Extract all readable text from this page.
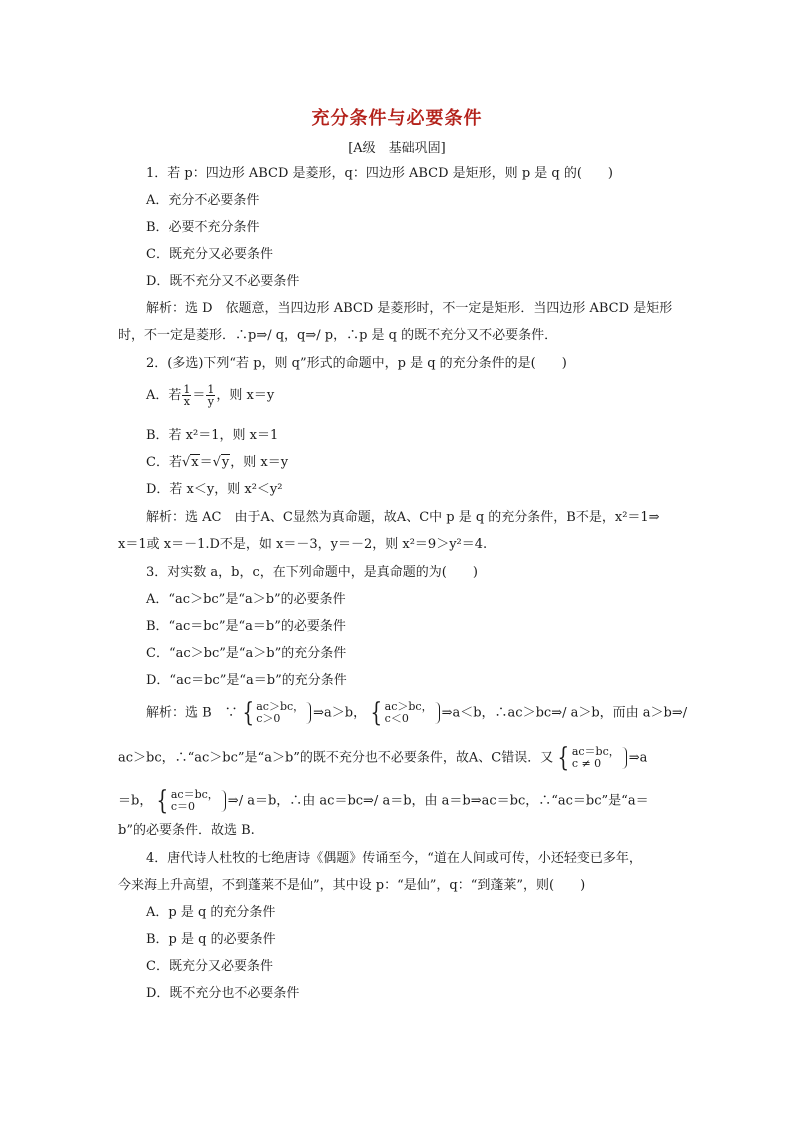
充分条件与必要条件
[A级　基础巩固]
1．若 p：四边形 ABCD 是菱形，q：四边形 ABCD 是矩形，则 p 是 q 的(　　)
A．充分不必要条件
B．必要不充分条件
C．既充分又必要条件
D．既不充分又不必要条件
解析：选 D　依题意，当四边形 ABCD 是菱形时，不一定是矩形．当四边形 ABCD 是矩形
时，不一定是菱形．∴p⇒/ q，q⇒/ p，∴p 是 q 的既不充分又不必要条件．
2．(多选)下列“若 p，则 q”形式的命题中，p 是 q 的充分条件的是(　　)
A．若 $\frac{1}{x} = \frac{1}{y}$ ，则 x＝y
B．若 x²＝1，则 x＝1
C．若√x＝√y，则 x＝y
D．若 x＜y，则 x²＜y²
解析：选 AC　由于A、C显然为真命题，故A、C中 p 是 q 的充分条件，B不是，x²＝1⇒
x＝1或 x＝－1.D不是，如 x＝－3，y＝－2，则 x²＝9＞y²＝4.
3．对实数 a，b，c，在下列命题中，是真命题的为(　　)
A．“ac＞bc”是“a＞b”的必要条件
B．“ac＝bc”是“a＝b”的必要条件
C．“ac＞bc”是“a＞b”的充分条件
D．“ac＝bc”是“a＝b”的充分条件
解析：选 B　∵ { ac＞bc，
c＞0	⇒a＞b， { ac＞bc，
c＜0	⇒a＜b，∴ac＞bc⇒/ a＞b，而由 a＞b⇒/
ac＞bc，∴“ac＞bc”是“a＞b”的既不充分也不必要条件，故A、C错误．又 { ac＝bc，
c ≠ 0	⇒a
＝b， { ac＝bc，
c＝0	⇒/ a＝b，∴由 ac＝bc⇒/ a＝b，由 a＝b⇒ac＝bc，∴“ac＝bc”是“a＝
b”的必要条件．故选 B.
4．唐代诗人杜牧的七绝唐诗《偶题》传诵至今，“道在人间或可传，小还轻变已多年，
今来海上升高望，不到蓬莱不是仙”，其中设 p：“是仙”，q：“到蓬莱”，则(　　)
A．p 是 q 的充分条件
B．p 是 q 的必要条件
C．既充分又必要条件
D．既不充分也不必要条件
